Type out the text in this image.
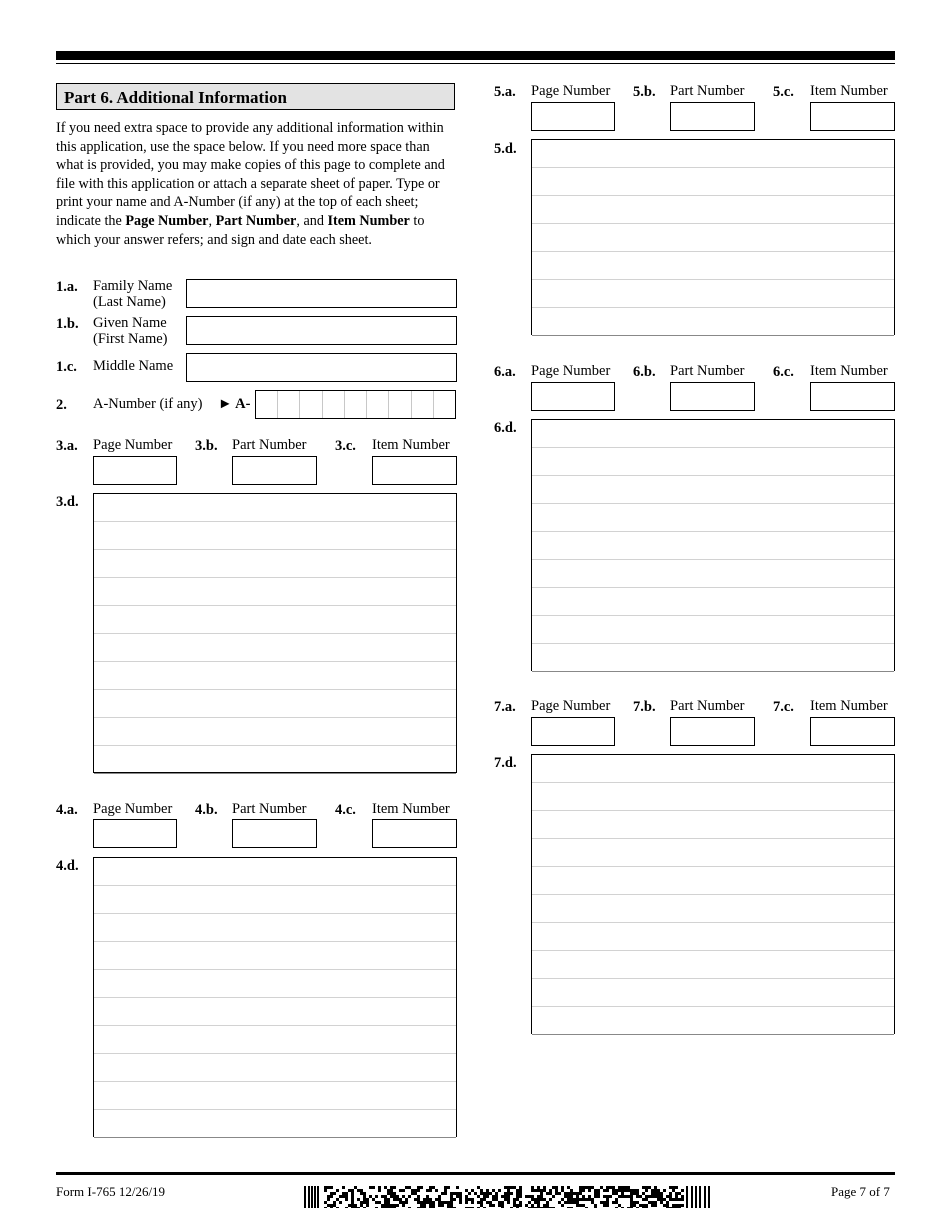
Part 6. Additional Information
If you need extra space to provide any additional information within this application, use the space below. If you need more space than what is provided, you may make copies of this page to complete and file with this application or attach a separate sheet of paper. Type or print your name and A-Number (if any) at the top of each sheet; indicate the Page Number, Part Number, and Item Number to which your answer refers; and sign and date each sheet.
1.a. Family Name
(Last Name)
1.b. Given Name
(First Name)
1.c. Middle Name
2. A-Number (if any) ► A-
3.a. Page Number 3.b. Part Number 3.c. Item Number
3.d.
4.a. Page Number 4.b. Part Number 4.c. Item Number
4.d.
5.a. Page Number 5.b. Part Number 5.c. Item Number
5.d.
6.a. Page Number 6.b. Part Number 6.c. Item Number
6.d.
7.a. Page Number 7.b. Part Number 7.c. Item Number
7.d.
Form I-765 12/26/19	Page 7 of 7
